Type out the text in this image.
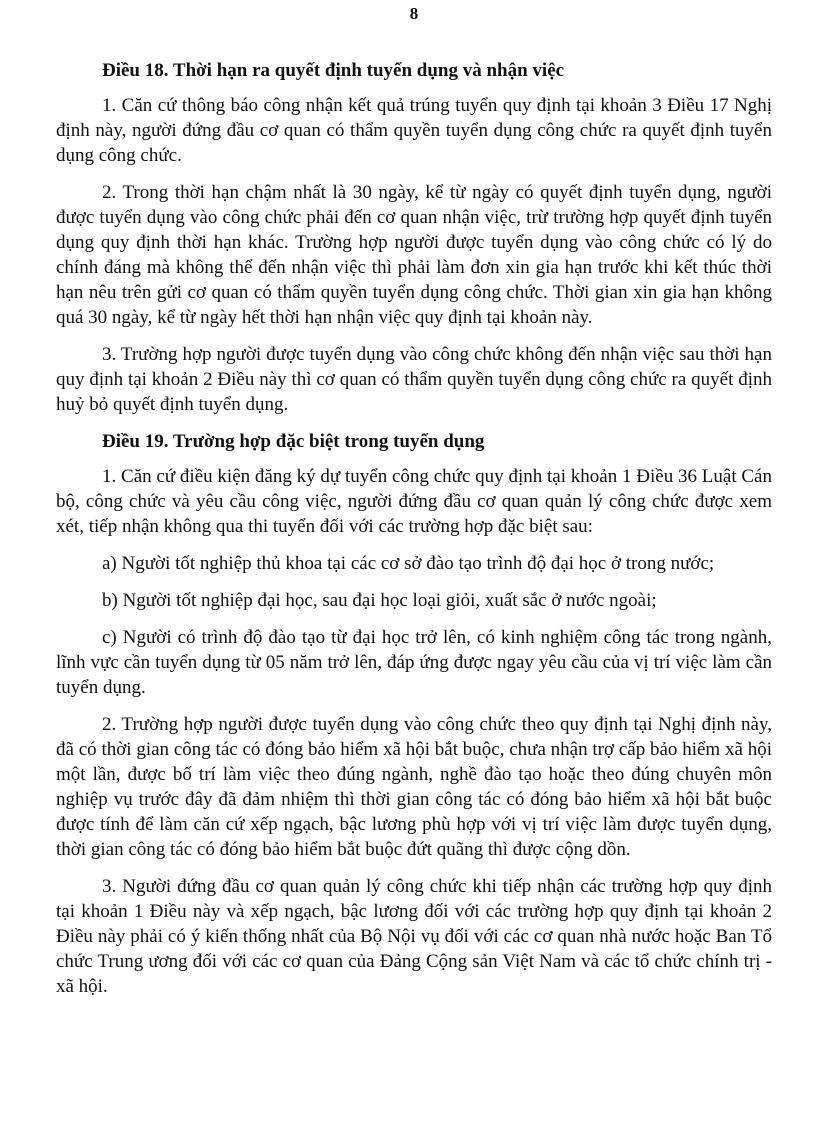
8
Điều 18. Thời hạn ra quyết định tuyển dụng và nhận việc

1. Căn cứ thông báo công nhận kết quả trúng tuyển quy định tại khoản 3 Điều 17 Nghị định này, người đứng đầu cơ quan có thẩm quyền tuyển dụng công chức ra quyết định tuyển dụng công chức.

2. Trong thời hạn chậm nhất là 30 ngày, kể từ ngày có quyết định tuyển dụng, người được tuyển dụng vào công chức phải đến cơ quan nhận việc, trừ trường hợp quyết định tuyển dụng quy định thời hạn khác. Trường hợp người được tuyển dụng vào công chức có lý do chính đáng mà không thể đến nhận việc thì phải làm đơn xin gia hạn trước khi kết thúc thời hạn nêu trên gửi cơ quan có thẩm quyền tuyển dụng công chức. Thời gian xin gia hạn không quá 30 ngày, kể từ ngày hết thời hạn nhận việc quy định tại khoản này.

3. Trường hợp người được tuyển dụng vào công chức không đến nhận việc sau thời hạn quy định tại khoản 2 Điều này thì cơ quan có thẩm quyền tuyển dụng công chức ra quyết định huỷ bỏ quyết định tuyển dụng.

Điều 19. Trường hợp đặc biệt trong tuyển dụng

1. Căn cứ điều kiện đăng ký dự tuyển công chức quy định tại khoản 1 Điều 36 Luật Cán bộ, công chức và yêu cầu công việc, người đứng đầu cơ quan quản lý công chức được xem xét, tiếp nhận không qua thi tuyển đối với các trường hợp đặc biệt sau:

a) Người tốt nghiệp thủ khoa tại các cơ sở đào tạo trình độ đại học ở trong nước;

b) Người tốt nghiệp đại học, sau đại học loại giỏi, xuất sắc ở nước ngoài;

c) Người có trình độ đào tạo từ đại học trở lên, có kinh nghiệm công tác trong ngành, lĩnh vực cần tuyển dụng từ 05 năm trở lên, đáp ứng được ngay yêu cầu của vị trí việc làm cần tuyển dụng.

2. Trường hợp người được tuyển dụng vào công chức theo quy định tại Nghị định này, đã có thời gian công tác có đóng bảo hiểm xã hội bắt buộc, chưa nhận trợ cấp bảo hiểm xã hội một lần, được bố trí làm việc theo đúng ngành, nghề đào tạo hoặc theo đúng chuyên môn nghiệp vụ trước đây đã đảm nhiệm thì thời gian công tác có đóng bảo hiểm xã hội bắt buộc được tính để làm căn cứ xếp ngạch, bậc lương phù hợp với vị trí việc làm được tuyển dụng, thời gian công tác có đóng bảo hiểm bắt buộc đứt quãng thì được cộng dồn.

3. Người đứng đầu cơ quan quản lý công chức khi tiếp nhận các trường hợp quy định tại khoản 1 Điều này và xếp ngạch, bậc lương đối với các trường hợp quy định tại khoản 2 Điều này phải có ý kiến thống nhất của Bộ Nội vụ đối với các cơ quan nhà nước hoặc Ban Tổ chức Trung ương đối với các cơ quan của Đảng Cộng sản Việt Nam và các tổ chức chính trị - xã hội.
